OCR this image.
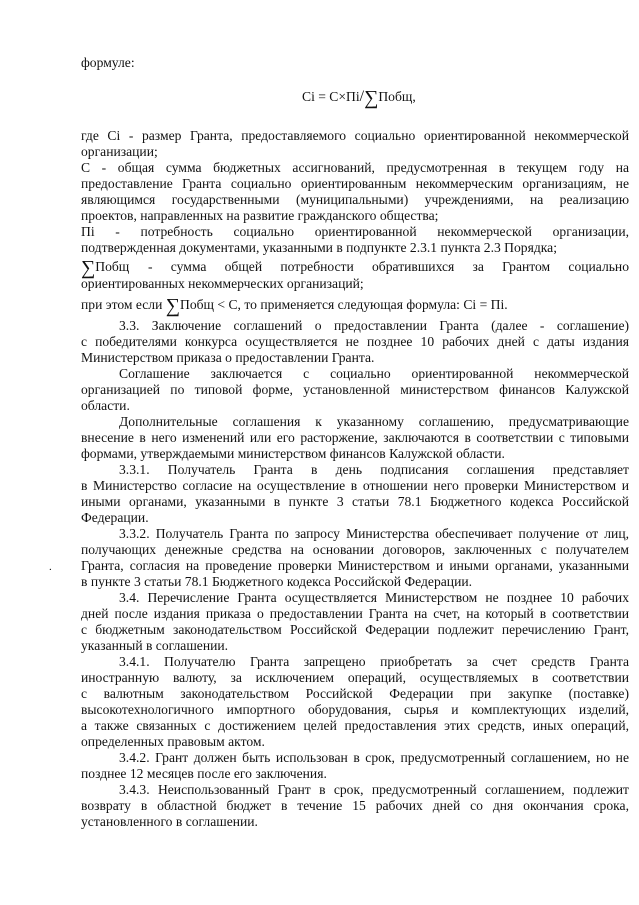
формуле:
Ci = C×Пi/∑Побщ,
где Ci - размер Гранта, предоставляемого социально ориентированной некоммерческой
организации;
С - общая сумма бюджетных ассигнований, предусмотренная в текущем году на
предоставление Гранта социально ориентированным некоммерческим организациям, не
являющимся государственными (муниципальными) учреждениями, на реализацию
проектов, направленных на развитие гражданского общества;
Пi - потребность социально ориентированной некоммерческой организации,
подтвержденная документами, указанными в подпункте 2.3.1 пункта 2.3 Порядка;
∑Побщ - сумма общей потребности обратившихся за Грантом социально
ориентированных некоммерческих организаций;
при этом если ∑Побщ < C, то применяется следующая формула: Ci = Пi.
3.3. Заключение соглашений о предоставлении Гранта (далее - соглашение)
с победителями конкурса осуществляется не позднее 10 рабочих дней с даты издания
Министерством приказа о предоставлении Гранта.
Соглашение заключается с социально ориентированной некоммерческой
организацией по типовой форме, установленной министерством финансов Калужской
области.
Дополнительные соглашения к указанному соглашению, предусматривающие
внесение в него изменений или его расторжение, заключаются в соответствии с типовыми
формами, утверждаемыми министерством финансов Калужской области.
3.3.1. Получатель Гранта в день подписания соглашения представляет
в Министерство согласие на осуществление в отношении него проверки Министерством и
иными органами, указанными в пункте 3 статьи 78.1 Бюджетного кодекса Российской
Федерации.
3.3.2. Получатель Гранта по запросу Министерства обеспечивает получение от лиц,
получающих денежные средства на основании договоров, заключенных с получателем
Гранта, согласия на проведение проверки Министерством и иными органами, указанными
в пункте 3 статьи 78.1 Бюджетного кодекса Российской Федерации.
.
3.4. Перечисление Гранта осуществляется Министерством не позднее 10 рабочих
дней после издания приказа о предоставлении Гранта на счет, на который в соответствии
с бюджетным законодательством Российской Федерации подлежит перечислению Грант,
указанный в соглашении.
3.4.1. Получателю Гранта запрещено приобретать за счет средств Гранта
иностранную валюту, за исключением операций, осуществляемых в соответствии
с валютным законодательством Российской Федерации при закупке (поставке)
высокотехнологичного импортного оборудования, сырья и комплектующих изделий,
а также связанных с достижением целей предоставления этих средств, иных операций,
определенных правовым актом.
3.4.2. Грант должен быть использован в срок, предусмотренный соглашением, но не
позднее 12 месяцев после его заключения.
3.4.3. Неиспользованный Грант в срок, предусмотренный соглашением, подлежит
возврату в областной бюджет в течение 15 рабочих дней со дня окончания срока,
установленного в соглашении.
